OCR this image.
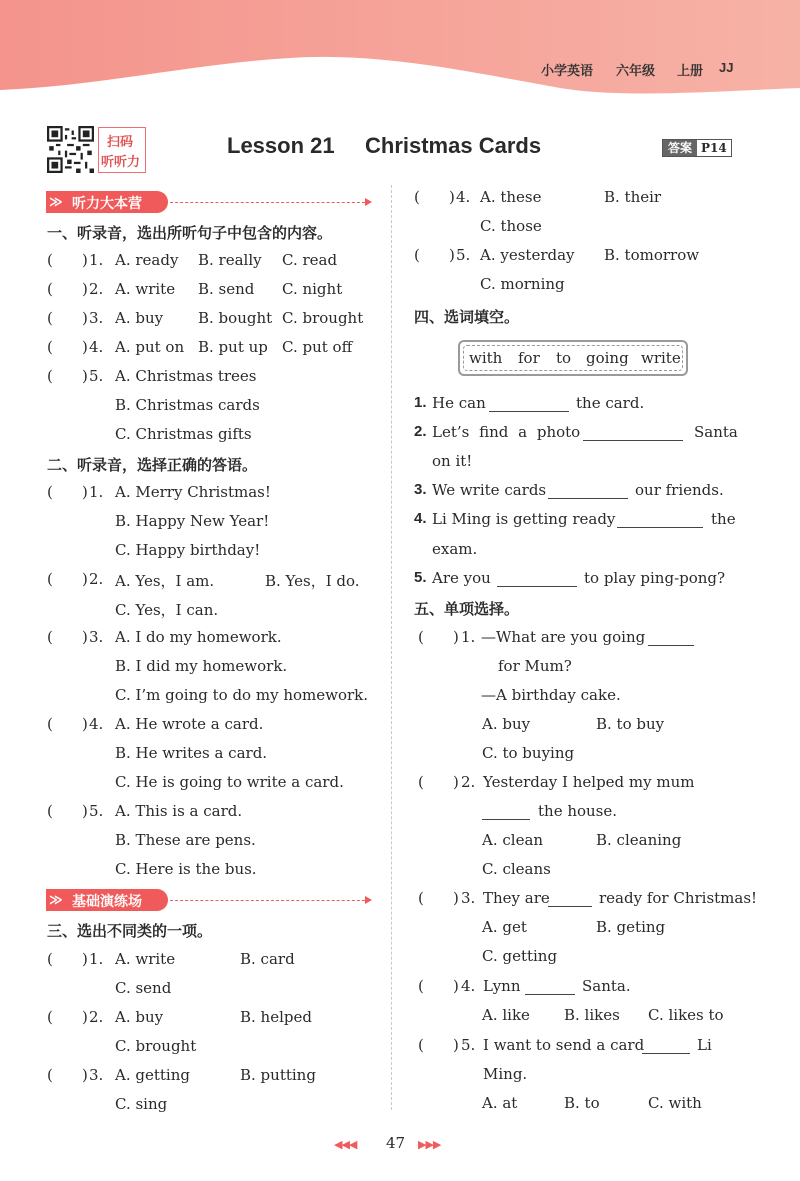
小学英语 六年级 上册 JJ
扫码
听听力
Lesson 21 Christmas Cards	答案 P14
≫ 听力大本营
一、听录音，选出所听句子中包含的内容。
( ) 1. A. ready B. really C. read
( ) 2. A. write B. send C. night
( ) 3. A. buy B. bought C. brought
( ) 4. A. put on B. put up C. put off
( ) 5. A. Christmas trees
B. Christmas cards
C. Christmas gifts
二、听录音，选择正确的答语。
( ) 1. A. Merry Christmas!
B. Happy New Year!
C. Happy birthday!
( ) 2. A. Yes，I am.	B. Yes，I do.
C. Yes，I can.
( ) 3. A. I do my homework.
B. I did my homework.
C. I’m going to do my homework.
( ) 4. A. He wrote a card.
B. He writes a card.
C. He is going to write a card.
( ) 5. A. This is a card.
B. These are pens.
C. Here is the bus.
≫ 基础演练场
三、选出不同类的一项。
( ) 1. A. write	B. card
C. send
( ) 2. A. buy	B. helped
C. brought
( ) 3. A. getting	B. putting
C. sing
( ) 4. A. these	B. their
C. those
( ) 5. A. yesterday B. tomorrow
C. morning
四、选词填空。
with for to going write
1. He can	the card.
2. Let’s find a photo	Santa
on it!
3. We write cards	our friends.
4. Li Ming is getting ready	the
exam.
5. Are you	to play ping-pong?
五、单项选择。
( ) 1. —What are you going
for Mum?
—A birthday cake.
A. buy	B. to buy
C. to buying
( ) 2. Yesterday I helped my mum
the house.
A. clean	B. cleaning
C. cleans
( ) 3. They are	ready for Christmas!
A. get	B. geting
C. getting
( ) 4. Lynn	Santa.
A. like B. likes C. likes to
( ) 5. I want to send a card	Li
Ming.
A. at	B. to	C. with
◀◀◀ 47 ▶▶▶
